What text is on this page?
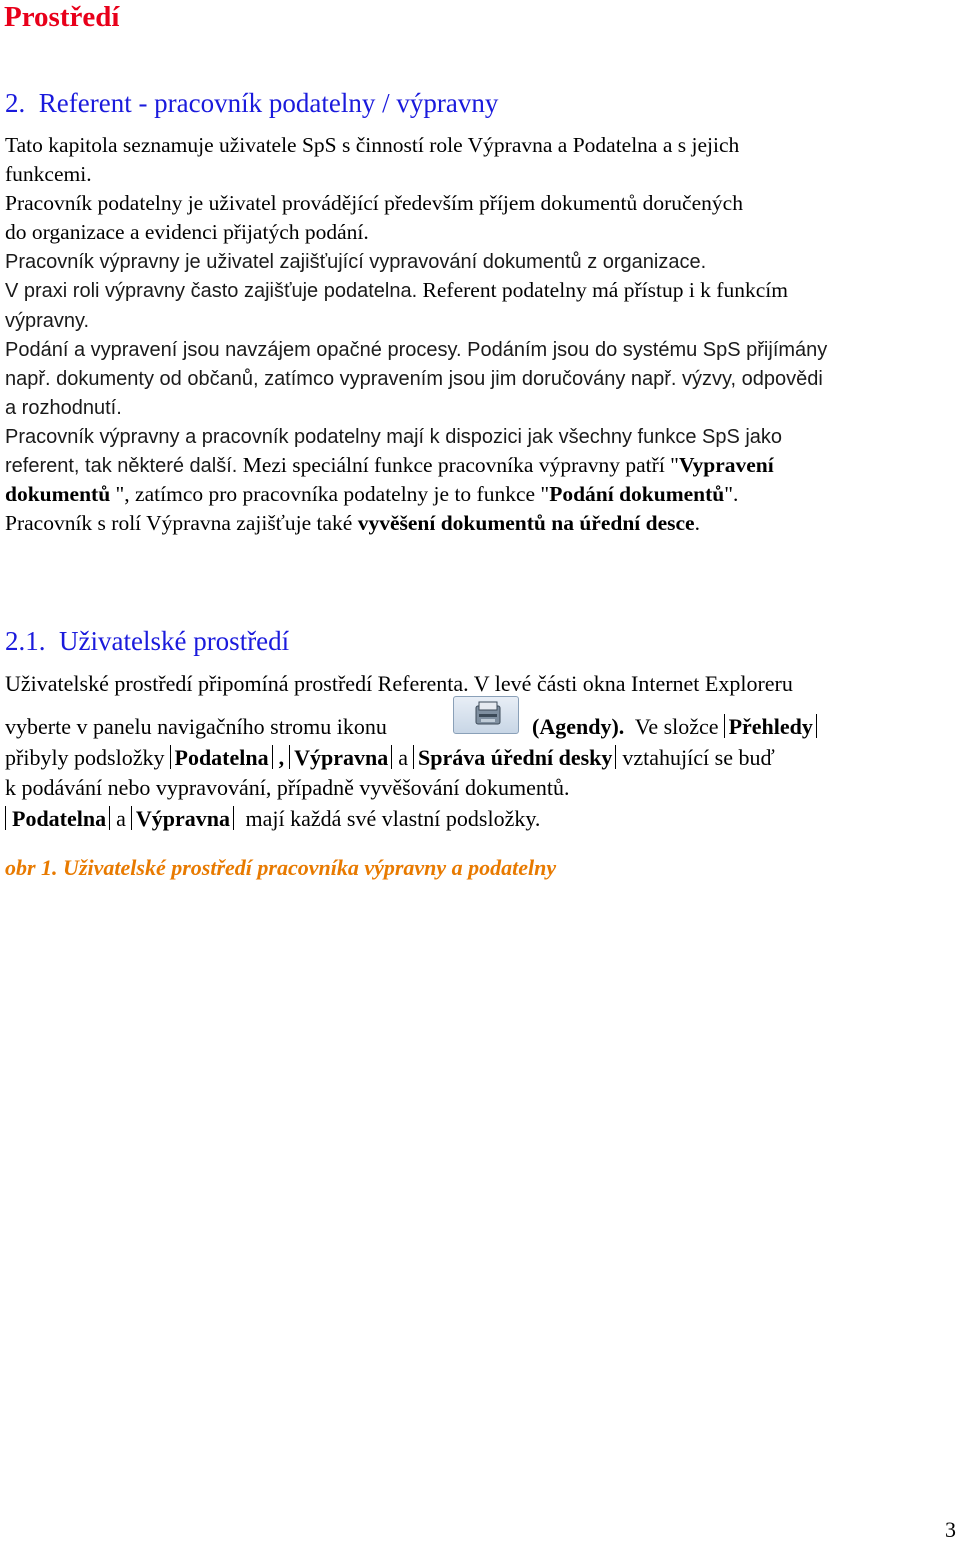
Prostředí
2. Referent - pracovník podatelny / výpravny
Tato kapitola seznamuje uživatele SpS s činností role Výpravna a Podatelna a s jejich
funkcemi.
Pracovník podatelny je uživatel provádějící především příjem dokumentů doručených
do organizace a evidenci přijatých podání.
Pracovník výpravny je uživatel zajišťující vypravování dokumentů z organizace.
V praxi roli výpravny často zajišťuje podatelna. Referent podatelny má přístup i k funkcím
výpravny.
Podání a vypravení jsou navzájem opačné procesy. Podáním jsou do systému SpS přijímány
např. dokumenty od občanů, zatímco vypravením jsou jim doručovány např. výzvy, odpovědi
a rozhodnutí.
Pracovník výpravny a pracovník podatelny mají k dispozici jak všechny funkce SpS jako
referent, tak některé další. Mezi speciální funkce pracovníka výpravny patří "Vypravení
dokumentů ", zatímco pro pracovníka podatelny je to funkce "Podání dokumentů".
Pracovník s rolí Výpravna zajišťuje také vyvěšení dokumentů na úřední desce.
2.1. Uživatelské prostředí
Uživatelské prostředí připomíná prostředí Referenta. V levé části okna Internet Exploreru
vyberte v panelu navigačního stromu ikonu	(Agendy). Ve složce Přehledy
přibyly podsložky Podatelna , Výpravna a Správa úřední desky vztahující se buď
k podávání nebo vypravování, případně vyvěšování dokumentů.
Podatelna a Výpravna mají každá své vlastní podsložky.
obr 1. Uživatelské prostředí pracovníka výpravny a podatelny
3
